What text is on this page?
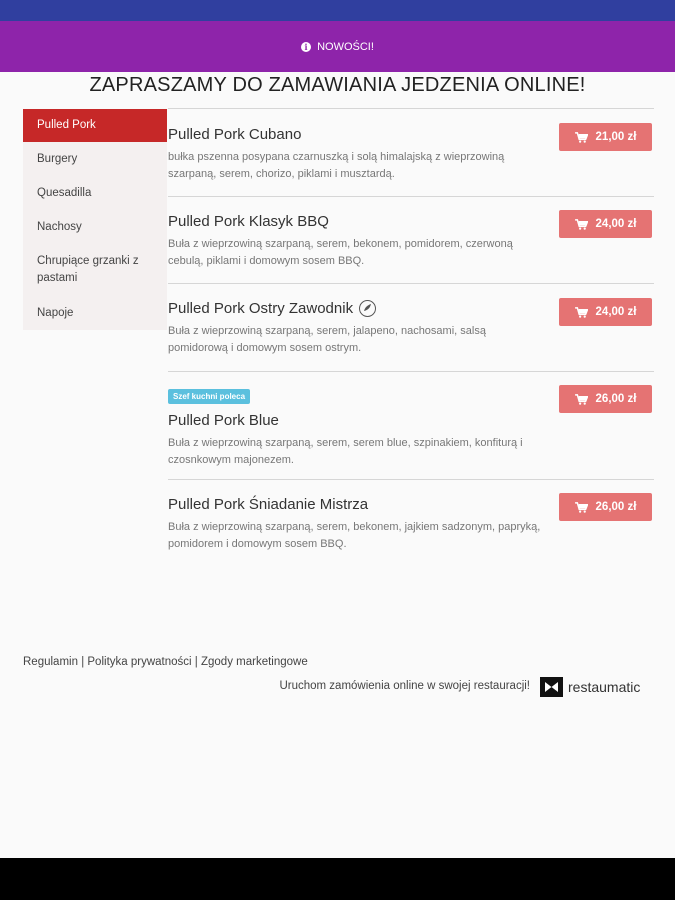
i NOWOŚCI!
ZAPRASZAMY DO ZAMAWIANIA JEDZENIA ONLINE!
Pulled Pork
Burgery
Quesadilla
Nachosy
Chrupiące grzanki z pastami
Napoje
Pulled Pork Cubano
bułka pszenna posypana czarnuszką i solą himalajską z wieprzowiną szarpaną, serem, chorizo, piklami i musztardą.
21,00 zł
Pulled Pork Klasyk BBQ
Buła z wieprzowiną szarpaną, serem, bekonem, pomidorem, czerwoną cebulą, piklami i domowym sosem BBQ.
24,00 zł
Pulled Pork Ostry Zawodnik
Buła z wieprzowiną szarpaną, serem, jalapeno, nachosami, salsą pomidorową i domowym sosem ostrym.
24,00 zł
Szef kuchni poleca
Pulled Pork Blue
Buła z wieprzowiną szarpaną, serem, serem blue, szpinakiem, konfiturą i czosnkowym majonezem.
26,00 zł
Pulled Pork Śniadanie Mistrza
Buła z wieprzowiną szarpaną, serem, bekonem, jajkiem sadzonym, papryką, pomidorem i domowym sosem BBQ.
26,00 zł
Regulamin | Polityka prywatności | Zgody marketingowe
Uruchom zamówienia online w swojej restauracji!	restaumatic
